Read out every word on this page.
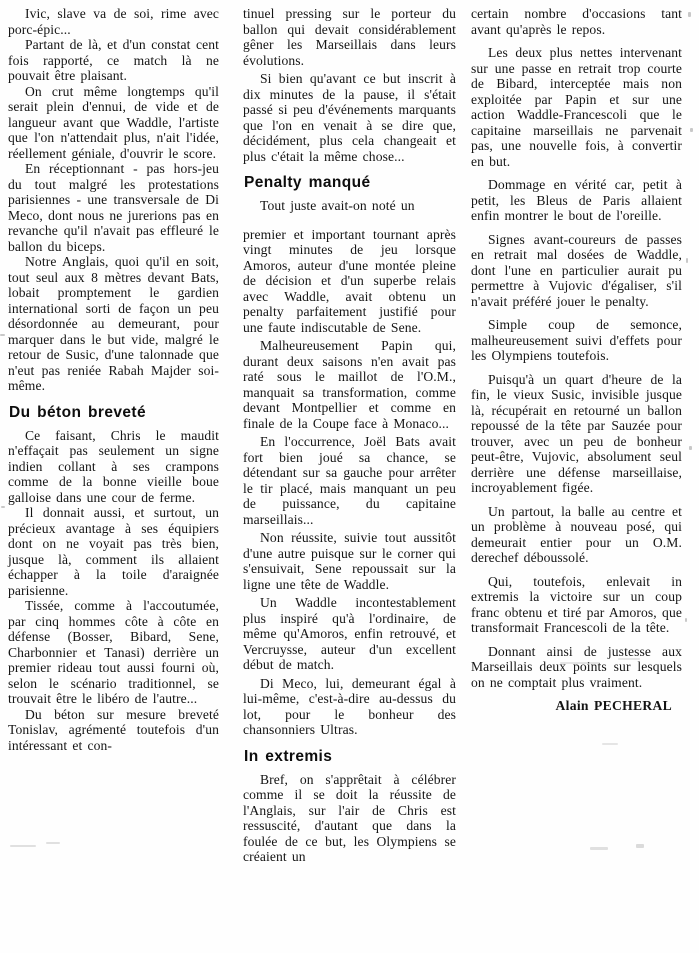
Ivic, slave va de soi, rime avec porc-épic...

Partant de là, et d'un constat cent fois rapporté, ce match là ne pouvait être plaisant.

On crut même longtemps qu'il serait plein d'ennui, de vide et de langueur avant que Waddle, l'artiste que l'on n'attendait plus, n'ait l'idée, réellement géniale, d'ouvrir le score.

En réceptionnant - pas hors-jeu du tout malgré les protestations parisiennes - une transversale de Di Meco, dont nous ne jurerions pas en revanche qu'il n'avait pas effleuré le ballon du biceps.

Notre Anglais, quoi qu'il en soit, tout seul aux 8 mètres devant Bats, lobait promptement le gardien international sorti de façon un peu désordonnée au demeurant, pour marquer dans le but vide, malgré le retour de Susic, d'une talonnade que n'eut pas reniée Rabah Majder soi-même.

Du béton breveté

Ce faisant, Chris le maudit n'effaçait pas seulement un signe indien collant à ses crampons comme de la bonne vieille boue galloise dans une cour de ferme.

Il donnait aussi, et surtout, un précieux avantage à ses équipiers dont on ne voyait pas très bien, jusque là, comment ils allaient échapper à la toile d'araignée parisienne.

Tissée, comme à l'accoutumée, par cinq hommes côte à côte en défense (Bosser, Bibard, Sene, Charbonnier et Tanasi) derrière un premier rideau tout aussi fourni où, selon le scénario traditionnel, se trouvait être le libéro de l'autre...

Du béton sur mesure breveté Tonislav, agrémenté toutefois d'un intéressant et con-

tinuel pressing sur le porteur du ballon qui devait considérablement gêner les Marseillais dans leurs évolutions.

Si bien qu'avant ce but inscrit à dix minutes de la pause, il s'était passé si peu d'événements marquants que l'on en venait à se dire que, décidément, plus cela changeait et plus c'était la même chose...

Penalty manqué

Tout juste avait-on noté un

premier et important tournant après vingt minutes de jeu lorsque Amoros, auteur d'une montée pleine de décision et d'un superbe relais avec Waddle, avait obtenu un penalty parfaitement justifié pour une faute indiscutable de Sene.

Malheureusement Papin qui, durant deux saisons n'en avait pas raté sous le maillot de l'O.M., manquait sa transformation, comme devant Montpellier et comme en finale de la Coupe face à Monaco...

En l'occurrence, Joël Bats avait fort bien joué sa chance, se détendant sur sa gauche pour arrêter le tir placé, mais manquant un peu de puissance, du capitaine marseillais...

Non réussite, suivie tout aussitôt d'une autre puisque sur le corner qui s'ensuivait, Sene repoussait sur la ligne une tête de Waddle.

Un Waddle incontestablement plus inspiré qu'à l'ordinaire, de même qu'Amoros, enfin retrouvé, et Vercruysse, auteur d'un excellent début de match.

Di Meco, lui, demeurant égal à lui-même, c'est-à-dire au-dessus du lot, pour le bonheur des chansonniers Ultras.

In extremis

Bref, on s'apprêtait à célébrer comme il se doit la réussite de l'Anglais, sur l'air de Chris est ressuscité, d'autant que dans la foulée de ce but, les Olympiens se créaient un

certain nombre d'occasions tant avant qu'après le repos.

Les deux plus nettes intervenant sur une passe en retrait trop courte de Bibard, interceptée mais non exploitée par Papin et sur une action Waddle-Francescoli que le capitaine marseillais ne parvenait pas, une nouvelle fois, à convertir en but.

Dommage en vérité car, petit à petit, les Bleus de Paris allaient enfin montrer le bout de l'oreille.

Signes avant-coureurs de passes en retrait mal dosées de Waddle, dont l'une en particulier aurait pu permettre à Vujovic d'égaliser, s'il n'avait préféré jouer le penalty.

Simple coup de semonce, malheureusement suivi d'effets pour les Olympiens toutefois.

Puisqu'à un quart d'heure de la fin, le vieux Susic, invisible jusque là, récupérait en retourné un ballon repoussé de la tête par Sauzée pour trouver, avec un peu de bonheur peut-être, Vujovic, absolument seul derrière une défense marseillaise, incroyablement figée.

Un partout, la balle au centre et un problème à nouveau posé, qui demeurait entier pour un O.M. derechef déboussolé.

Qui, toutefois, enlevait in extremis la victoire sur un coup franc obtenu et tiré par Amoros, que transformait Francescoli de la tête.

Donnant ainsi de justesse aux Marseillais deux points sur lesquels on ne comptait plus vraiment.

Alain PECHERAL
